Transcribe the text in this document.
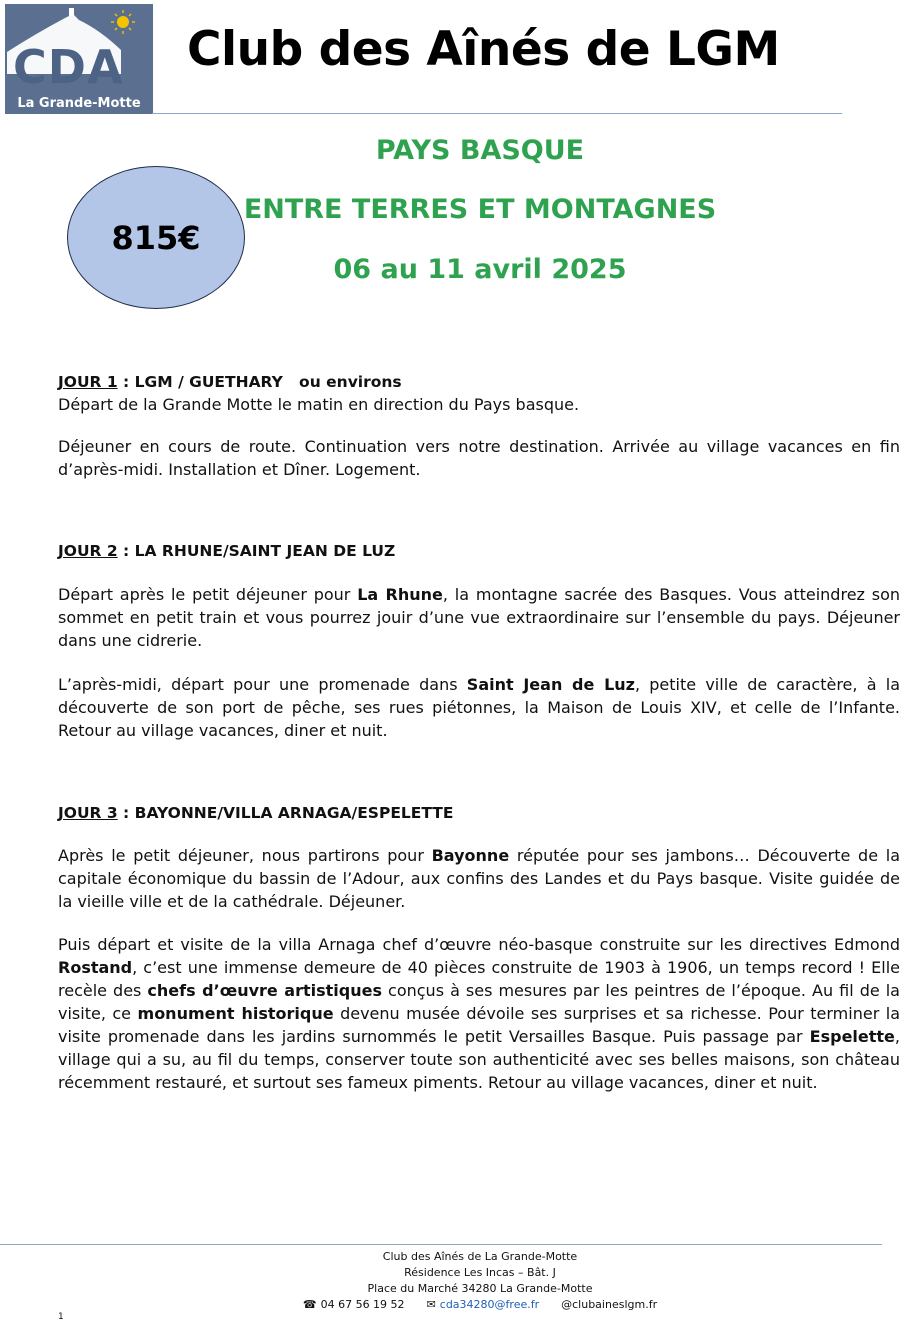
CDA
La Grande-Motte
Club des Aînés de LGM
PAYS BASQUE
ENTRE TERRES ET MONTAGNES
06 au 11 avril 2025
815€
JOUR 1 : LGM / GUETHARY   ou environs
Départ de la Grande Motte le matin en direction du Pays basque.
Déjeuner en cours de route. Continuation vers notre destination. Arrivée au village vacances en fin d’après-midi. Installation et Dîner. Logement.
JOUR 2 : LA RHUNE/SAINT JEAN DE LUZ
Départ après le petit déjeuner pour La Rhune, la montagne sacrée des Basques. Vous atteindrez son sommet en petit train et vous pourrez jouir d’une vue extraordinaire sur l’ensemble du pays. Déjeuner dans une cidrerie.
L’après-midi, départ pour une promenade dans Saint Jean de Luz, petite ville de caractère, à la découverte de son port de pêche, ses rues piétonnes, la Maison de Louis XIV, et celle de l’Infante. Retour au village vacances, diner et nuit.
JOUR 3 : BAYONNE/VILLA ARNAGA/ESPELETTE
Après le petit déjeuner, nous partirons pour Bayonne réputée pour ses jambons… Découverte de la capitale économique du bassin de l’Adour, aux confins des Landes et du Pays basque. Visite guidée de la vieille ville et de la cathédrale. Déjeuner.
Puis départ et visite de la villa Arnaga chef d’œuvre néo-basque construite sur les directives Edmond Rostand, c’est une immense demeure de 40 pièces construite de 1903 à 1906, un temps record ! Elle recèle des chefs d’œuvre artistiques conçus à ses mesures par les peintres de l’époque. Au fil de la visite, ce monument historique devenu musée dévoile ses surprises et sa richesse. Pour terminer la visite promenade dans les jardins surnommés le petit Versailles Basque. Puis passage par Espelette, village qui a su, au fil du temps, conserver toute son authenticité avec ses belles maisons, son château récemment restauré, et surtout ses fameux piments. Retour au village vacances, diner et nuit.
Club des Aînés de La Grande-Motte
Résidence Les Incas – Bât. J
Place du Marché 34280 La Grande-Motte
☎ 04 67 56 19 52 ✉ cda34280@free.fr @clubaineslgm.fr
1
